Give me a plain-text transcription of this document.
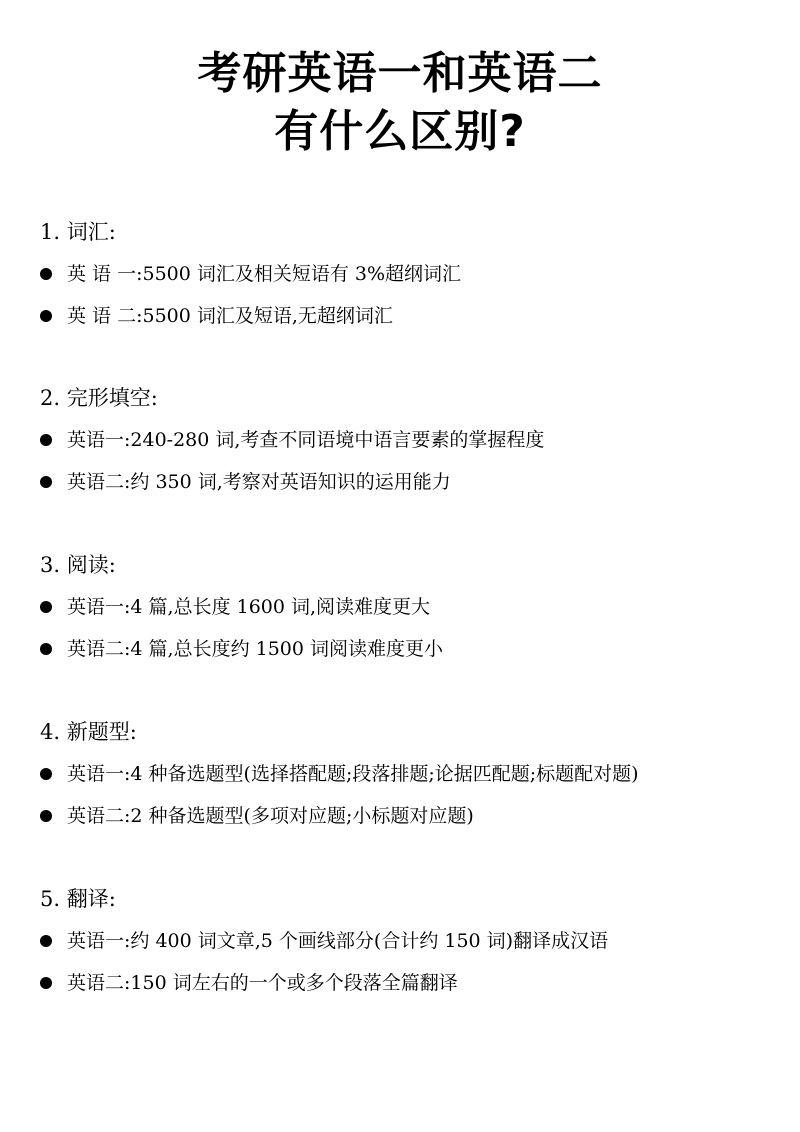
考研英语一和英语二
有什么区别?
1. 词汇:
英 语 一:5500 词汇及相关短语有 3%超纲词汇
英 语 二:5500 词汇及短语,无超纲词汇
2. 完形填空:
英语一:240-280 词,考查不同语境中语言要素的掌握程度
英语二:约 350 词,考察对英语知识的运用能力
3. 阅读:
英语一:4 篇,总长度 1600 词,阅读难度更大
英语二:4 篇,总长度约 1500 词阅读难度更小
4. 新题型:
英语一:4 种备选题型(选择搭配题;段落排题;论据匹配题;标题配对题)
英语二:2 种备选题型(多项对应题;小标题对应题)
5. 翻译:
英语一:约 400 词文章,5 个画线部分(合计约 150 词)翻译成汉语
英语二:150 词左右的一个或多个段落全篇翻译
